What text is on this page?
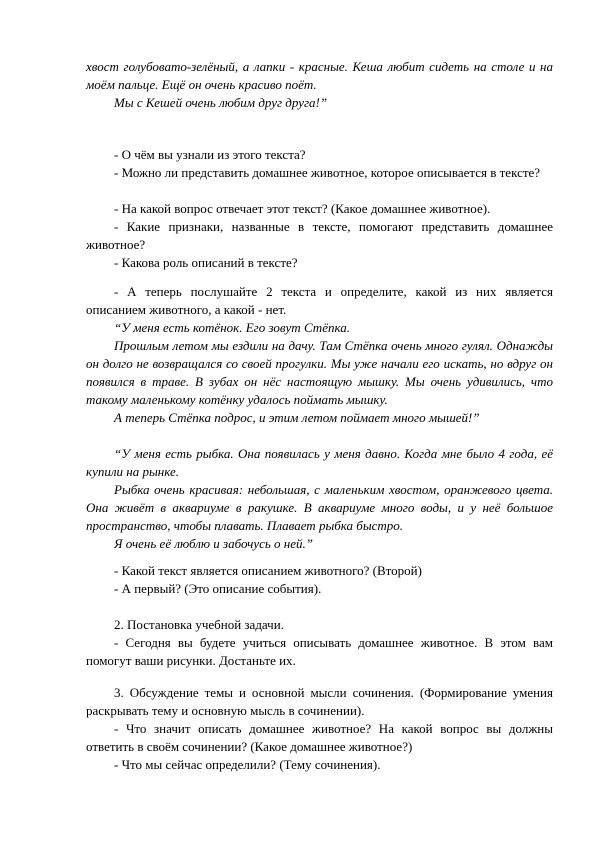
хвост голубовато-зелёный, а лапки - красные. Кеша любит сидеть на столе и на моём пальце. Ещё он очень красиво поёт.

Мы с Кешей очень любим друг друга!”

- О чём вы узнали из этого текста?

- Можно ли представить домашнее животное, которое описывается в тексте?

- На какой вопрос отвечает этот текст? (Какое домашнее животное).

- Какие признаки, названные в тексте, помогают представить домашнее животное?

- Какова роль описаний в тексте?

- А теперь послушайте 2 текста и определите, какой из них является описанием животного, а какой - нет.

“У меня есть котёнок. Его зовут Стёпка.

Прошлым летом мы ездили на дачу. Там Стёпка очень много гулял. Однажды он долго не возвращался со своей прогулки. Мы уже начали его искать, но вдруг он появился в траве. В зубах он нёс настоящую мышку. Мы очень удивились, что такому маленькому котёнку удалось поймать мышку.

А теперь Стёпка подрос, и этим летом поймает много мышей!”

“У меня есть рыбка. Она появилась у меня давно. Когда мне было 4 года, её купили на рынке.

Рыбка очень красивая: небольшая, с маленьким хвостом, оранжевого цвета. Она живёт в аквариуме в ракушке. В аквариуме много воды, и у неё большое пространство, чтобы плавать. Плавает рыбка быстро.

Я очень её люблю и забочусь о ней.”

- Какой текст является описанием животного? (Второй)

- А первый? (Это описание события).

2. Постановка учебной задачи.

- Сегодня вы будете учиться описывать домашнее животное. В этом вам помогут ваши рисунки. Достаньте их.

3. Обсуждение темы и основной мысли сочинения. (Формирование умения раскрывать тему и основную мысль в сочинении).

- Что значит описать домашнее животное? На какой вопрос вы должны ответить в своём сочинении? (Какое домашнее животное?)

- Что мы сейчас определили? (Тему сочинения).
